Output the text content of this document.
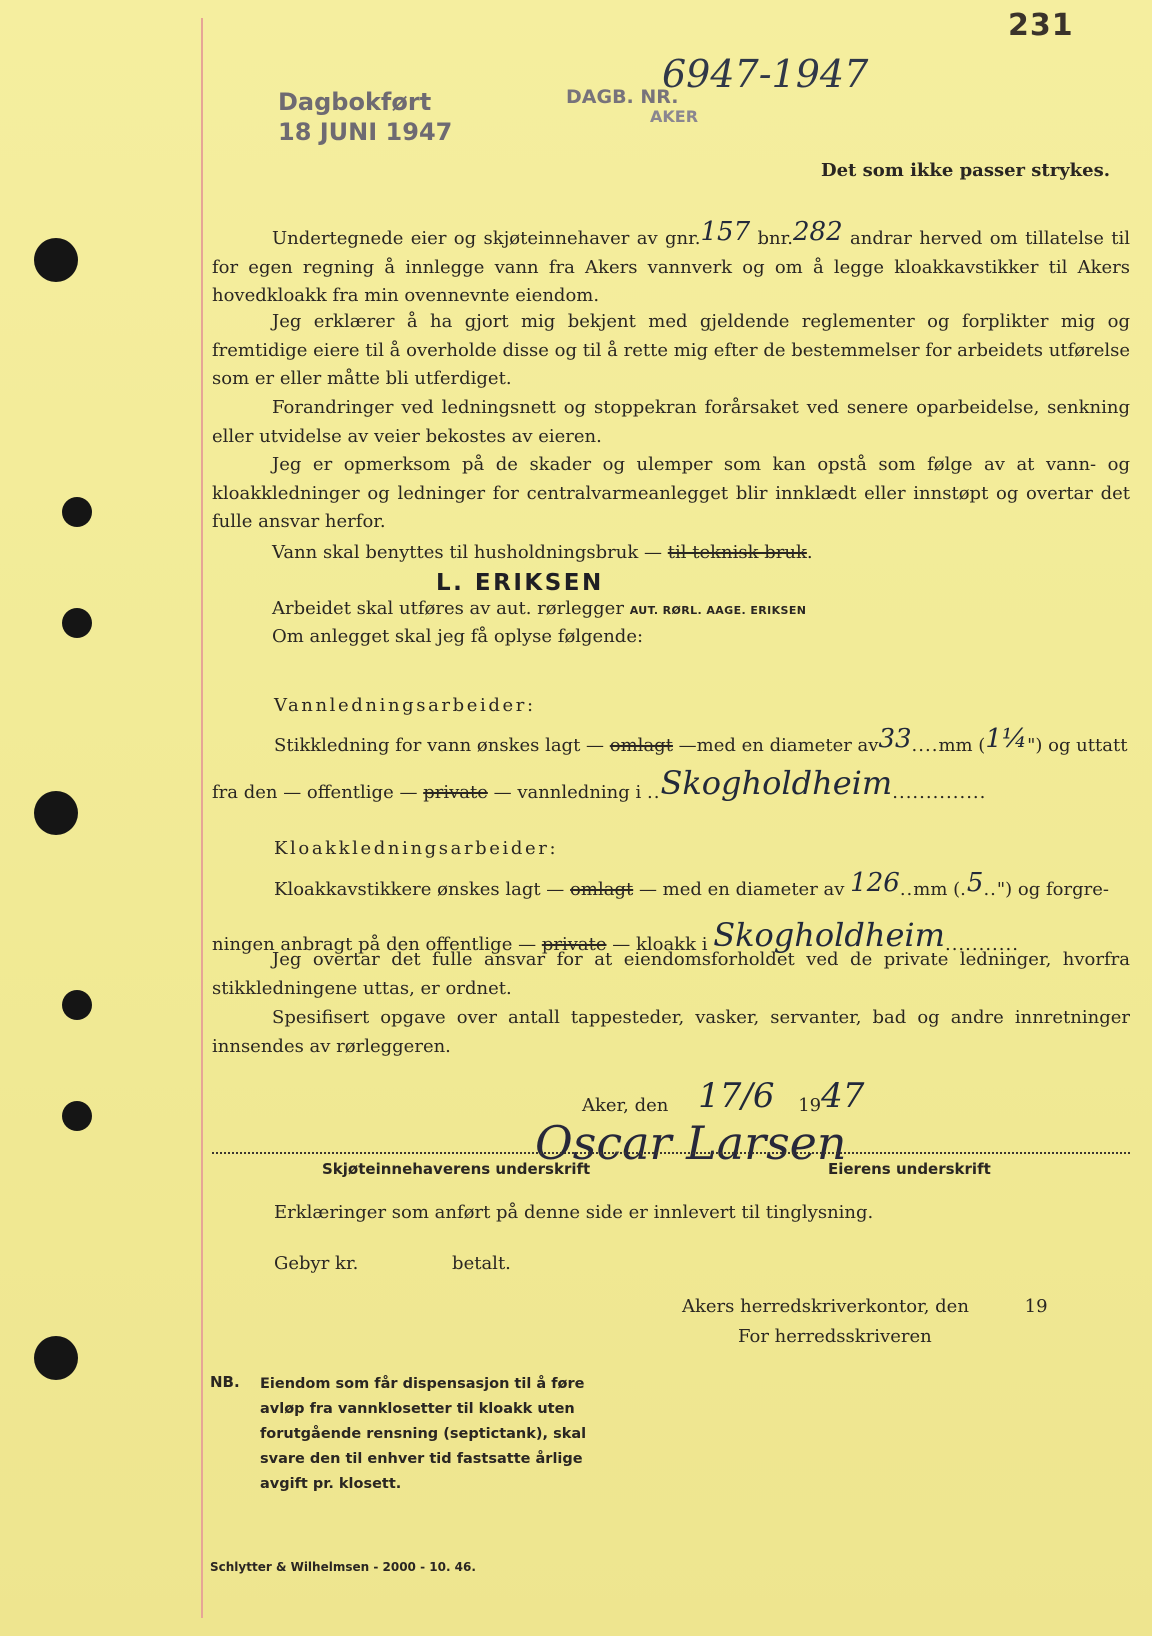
231
Dagbokført
18 JUNI 1947
DAGB. NR.
AKER
6947-1947
Det som ikke passer strykes.

Undertegnede eier og skjøteinnehaver av gnr.157 bnr.282 andrar herved om tillatelse til for egen regning å innlegge vann fra Akers vannverk og om å legge kloakkavstikker til Akers hovedkloakk fra min ovennevnte eiendom.

Jeg erklærer å ha gjort mig bekjent med gjeldende reglementer og forplikter mig og fremtidige eiere til å overholde disse og til å rette mig efter de bestemmelser for arbeidets utførelse som er eller måtte bli utferdiget.

Forandringer ved ledningsnett og stoppekran forårsaket ved senere oparbeidelse, senkning eller utvidelse av veier bekostes av eieren.

Jeg er opmerksom på de skader og ulemper som kan opstå som følge av at vann- og kloakkledninger og ledninger for centralvarmeanlegget blir innklædt eller innstøpt og overtar det fulle ansvar herfor.

Vann skal benyttes til husholdningsbruk — til teknisk bruk.
L. ERIKSEN
Arbeidet skal utføres av aut. rørlegger AUT. RØRL. AAGE. ERIKSEN
Om anlegget skal jeg få oplyse følgende:
Vannledningsarbeider:
Stikkledning for vann ønskes lagt — omlagt —med en diameter av33....mm (1¼") og uttatt
fra den — offentlige — private — vannledning i ..Skogholdheim..............
Kloakkledningsarbeider:
Kloakkavstikkere ønskes lagt — omlagt — med en diameter av 126..mm (.5..") og forgre-
ningen anbragt på den offentlige — private — kloakk i Skogholdheim...........

Jeg overtar det fulle ansvar for at eiendomsforholdet ved de private ledninger, hvorfra stikkledningene uttas, er ordnet.

Spesifisert opgave over antall tappesteder, vasker, servanter, bad og andre innretninger innsendes av rørleggeren.

Aker, den 17/6 1947
Oscar Larsen
Skjøteinnehaverens underskrift	Eierens underskrift
Erklæringer som anført på denne side er innlevert til tinglysning.
Gebyr kr.	betalt.
Akers herredskriverkontor, den	19
For herredsskriveren
NB. Eiendom som får dispensasjon til å føre avløp fra vannklosetter til kloakk uten forutgående rensning (septictank), skal svare den til enhver tid fastsatte årlige avgift pr. klosett.

Schlytter & Wilhelmsen - 2000 - 10. 46.
